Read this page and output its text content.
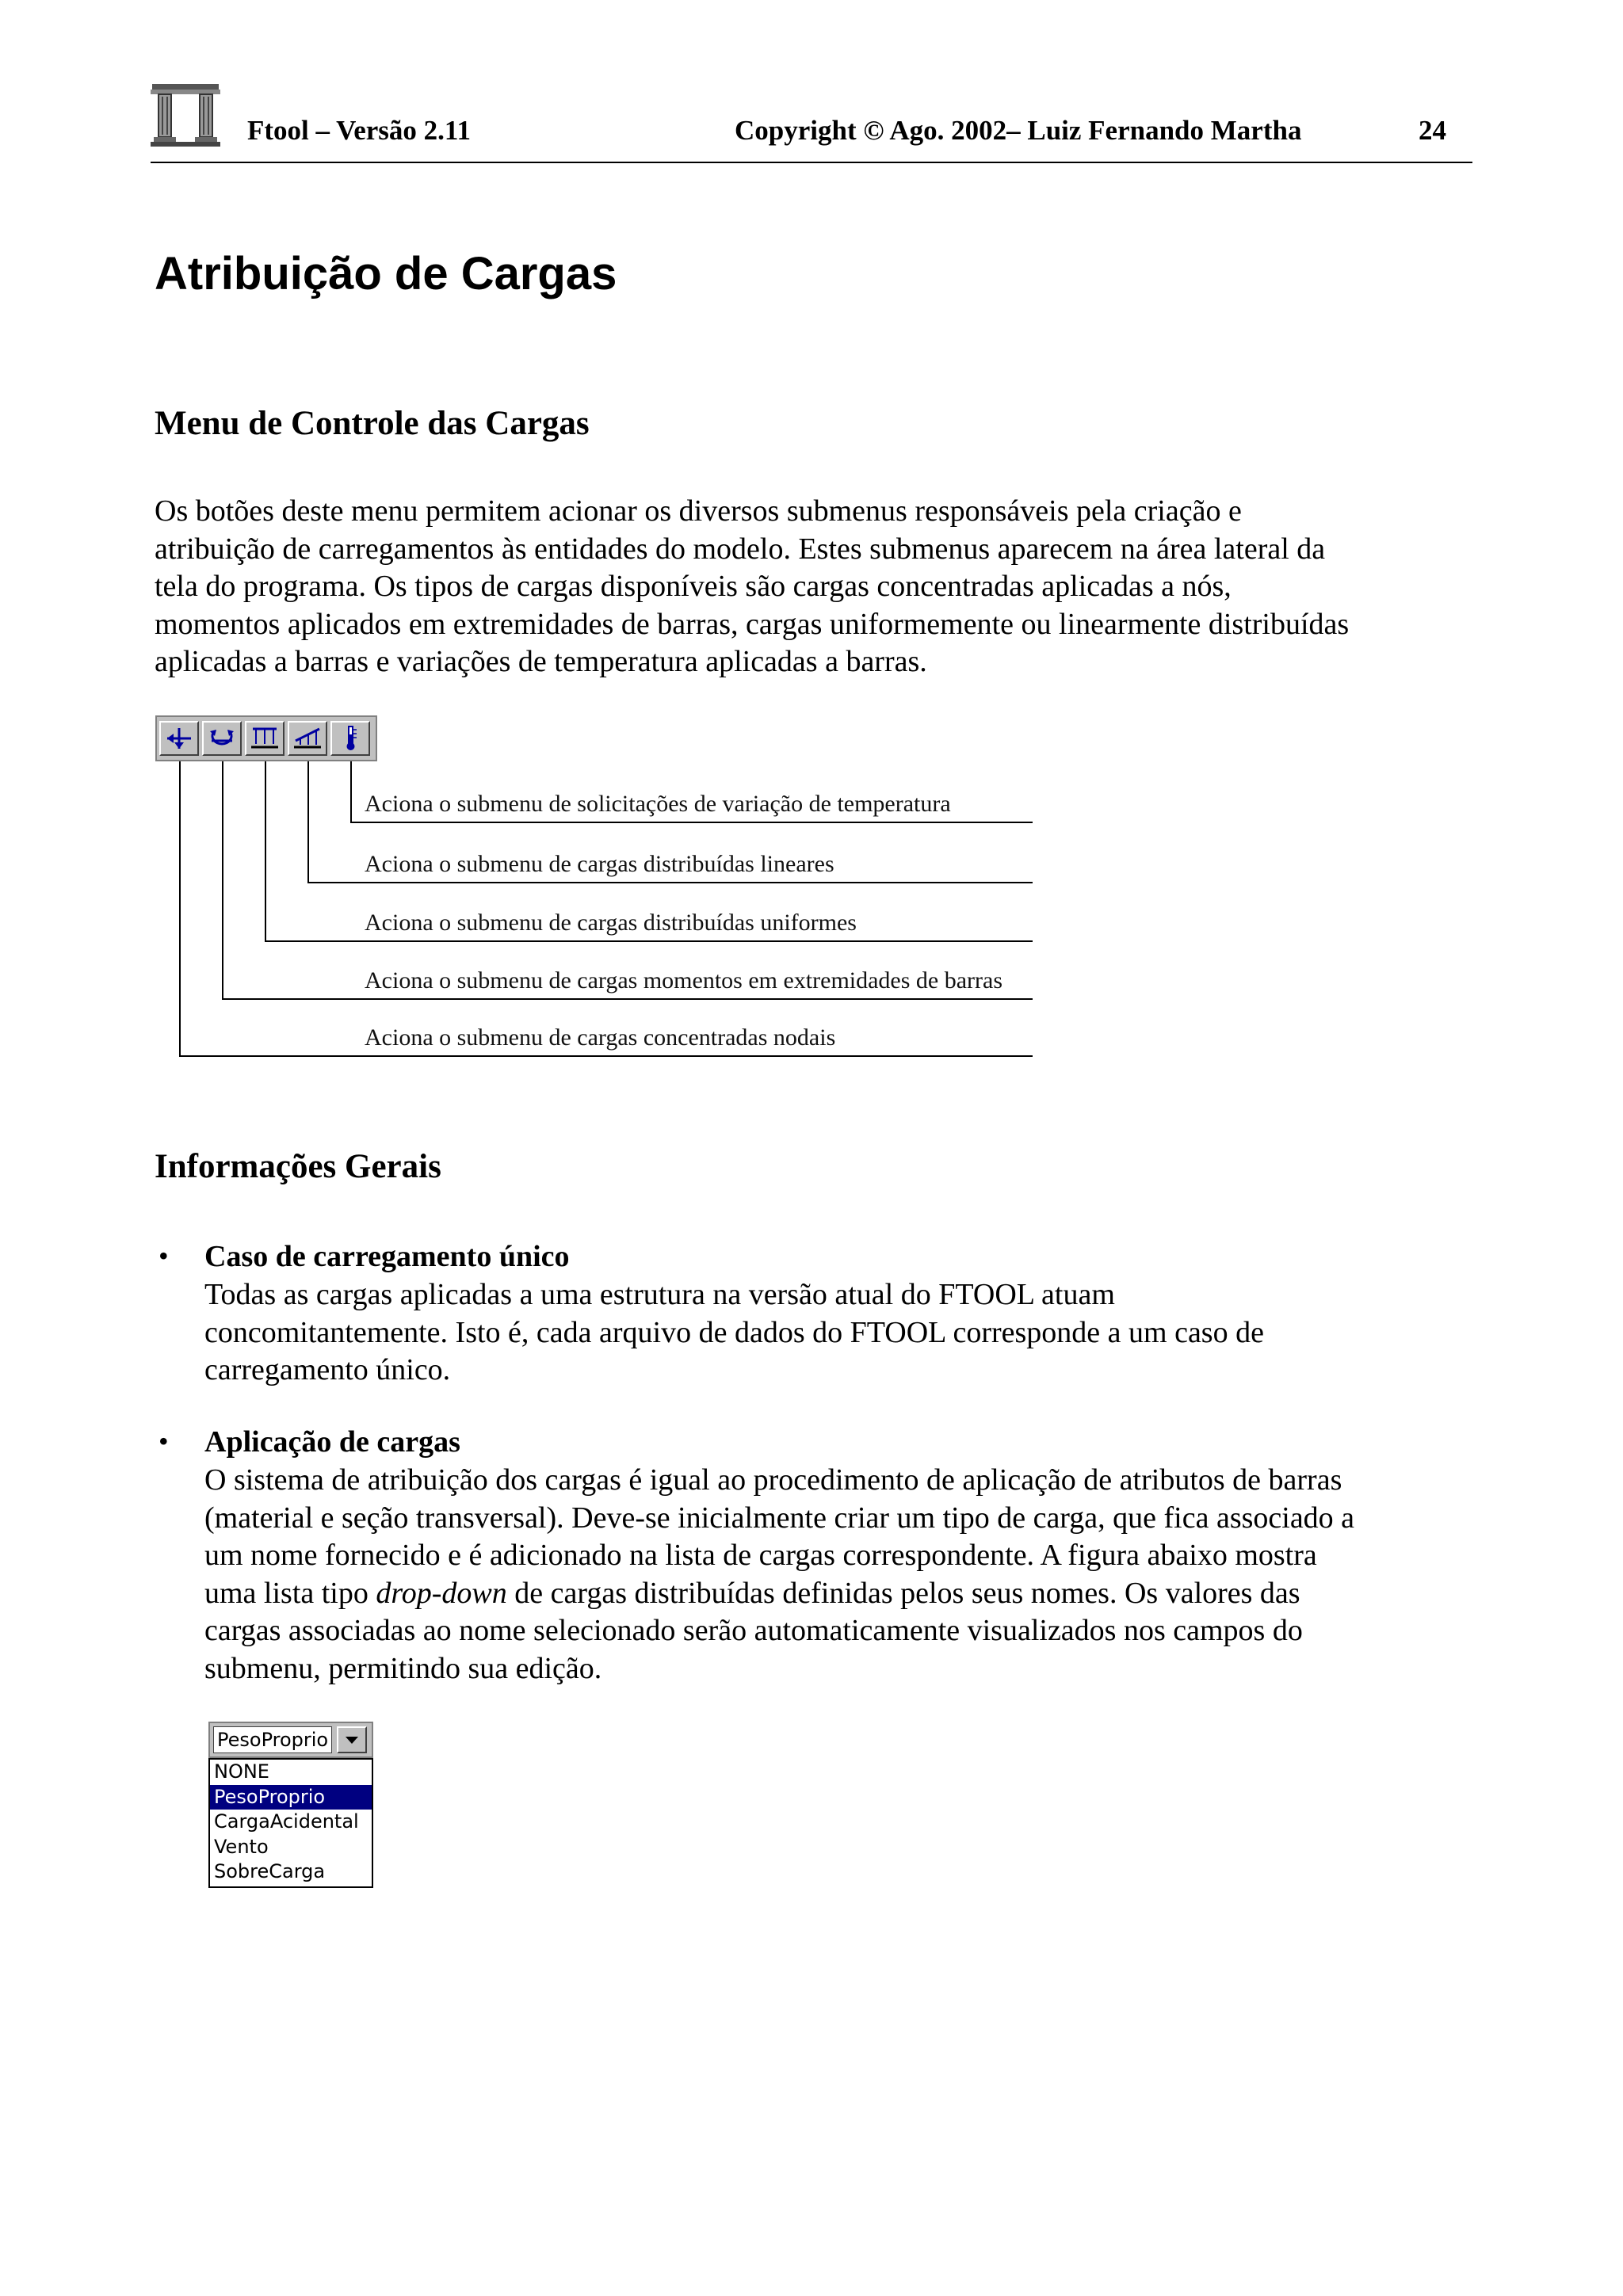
Ftool – Versão 2.11	Copyright © Ago. 2002– Luiz Fernando Martha	24
Atribuição de Cargas
Menu de Controle das Cargas
Os botões deste menu permitem acionar os diversos submenus responsáveis pela criação e
atribuição de carregamentos às entidades do modelo. Estes submenus aparecem na área lateral da
tela do programa. Os tipos de cargas disponíveis são cargas concentradas aplicadas a nós,
momentos aplicados em extremidades de barras, cargas uniformemente ou linearmente distribuídas
aplicadas a barras e variações de temperatura aplicadas a barras.
Aciona o submenu de solicitações de variação de temperatura
Aciona o submenu de cargas distribuídas lineares
Aciona o submenu de cargas distribuídas uniformes
Aciona o submenu de cargas momentos em extremidades de barras
Aciona o submenu de cargas concentradas nodais
Informações Gerais
• Caso de carregamento único
Todas as cargas aplicadas a uma estrutura na versão atual do FTOOL atuam
concomitantemente. Isto é, cada arquivo de dados do FTOOL corresponde a um caso de
carregamento único.
• Aplicação de cargas
O sistema de atribuição dos cargas é igual ao procedimento de aplicação de atributos de barras
(material e seção transversal). Deve-se inicialmente criar um tipo de carga, que fica associado a
um nome fornecido e é adicionado na lista de cargas correspondente. A figura abaixo mostra
uma lista tipo drop-down de cargas distribuídas definidas pelos seus nomes. Os valores das
cargas associadas ao nome selecionado serão automaticamente visualizados nos campos do
submenu, permitindo sua edição.
PesoProprio
NONE
PesoProprio
CargaAcidental
Vento
SobreCarga
